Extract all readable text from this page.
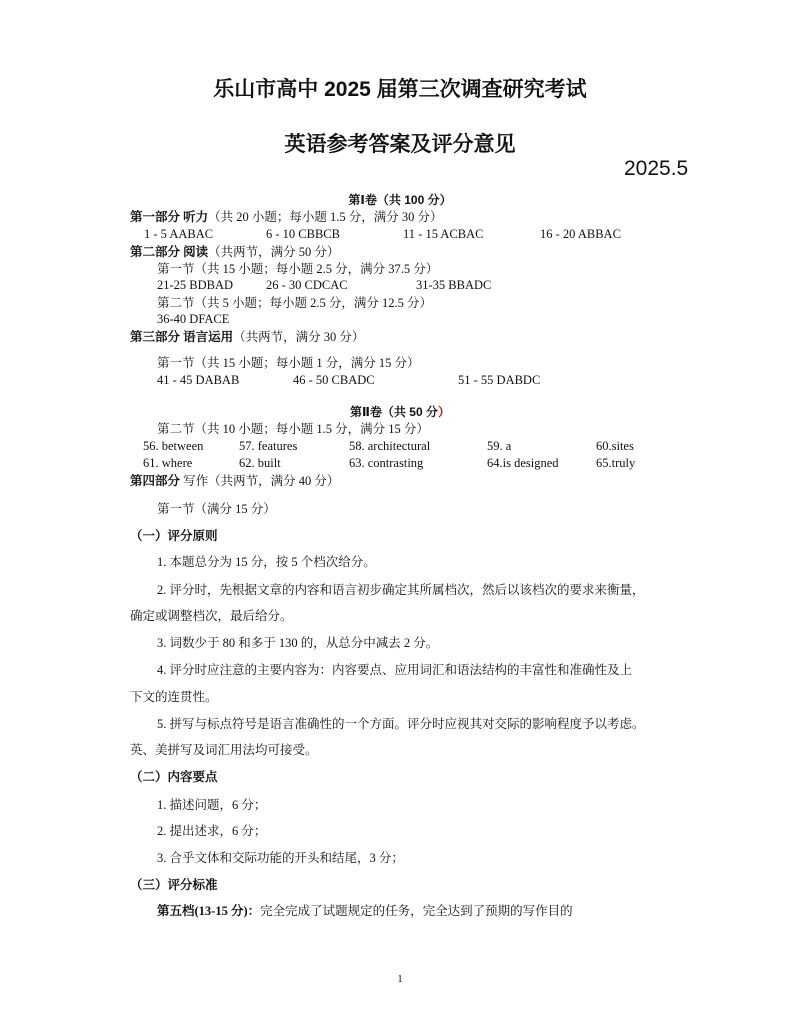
乐山市高中 2025 届第三次调查研究考试
英语参考答案及评分意见
2025.5
第Ⅰ卷（共 100 分）
第一部分 听力（共 20 小题；每小题 1.5 分，满分 30 分）
1 - 5 AABAC	6 - 10 CBBCB	11 - 15 ACBAC	16 - 20 ABBAC
第二部分 阅读（共两节，满分 50 分）
第一节（共 15 小题；每小题 2.5 分，满分 37.5 分）
21-25 BDBAD	26 - 30 CDCAC	31-35 BBADC
第二节（共 5 小题；每小题 2.5 分，满分 12.5 分）
36-40 DFACE
第三部分 语言运用（共两节，满分 30 分）
第一节（共 15 小题；每小题 1 分，满分 15 分）
41 - 45 DABAB	46 - 50 CBADC	51 - 55 DABDC
第Ⅱ卷（共 50 分）
第二节（共 10 小题；每小题 1.5 分，满分 15 分）
56. between	57. features	58. architectural	59. a	60.sites
61. where	62. built	63. contrasting	64.is designed	65.truly
第四部分 写作（共两节，满分 40 分）
第一节（满分 15 分）
（一）评分原则
1. 本题总分为 15 分，按 5 个档次给分。
2. 评分时，先根据文章的内容和语言初步确定其所属档次，然后以该档次的要求来衡量，
确定或调整档次，最后给分。
3. 词数少于 80 和多于 130 的，从总分中减去 2 分。
4. 评分时应注意的主要内容为：内容要点、应用词汇和语法结构的丰富性和准确性及上
下文的连贯性。
5. 拼写与标点符号是语言准确性的一个方面。评分时应视其对交际的影响程度予以考虑。
英、美拼写及词汇用法均可接受。
（二）内容要点
1. 描述问题，6 分；
2. 提出述求，6 分；
3. 合乎文体和交际功能的开头和结尾，3 分；
（三）评分标准
第五档(13-15 分)：完全完成了试题规定的任务，完全达到了预期的写作目的
1
